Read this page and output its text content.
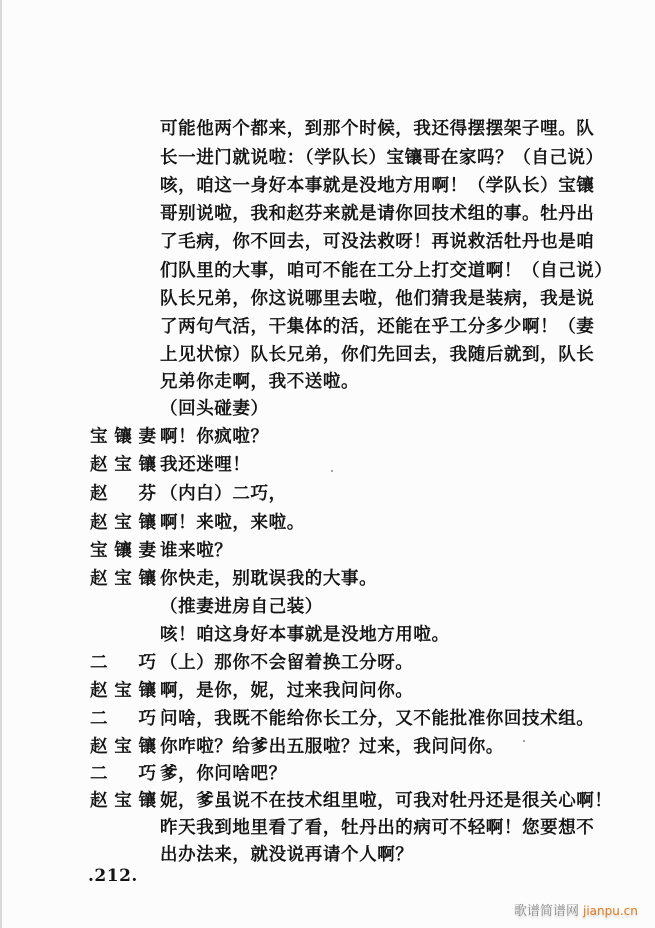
可能他两个都来，到那个时候，我还得摆摆架子哩。队
长一进门就说啦：（学队长）宝镶哥在家吗？（自己说）
咳，咱这一身好本事就是没地方用啊！（学队长）宝镶
哥别说啦，我和赵芬来就是请你回技术组的事。牡丹出
了毛病，你不回去，可没法救呀！再说救活牡丹也是咱
们队里的大事，咱可不能在工分上打交道啊！（自己说）
队长兄弟，你这说哪里去啦，他们猜我是装病，我是说
了两句气活，干集体的活，还能在乎工分多少啊！（妻
上见状惊）队长兄弟，你们先回去，我随后就到，队长
兄弟你走啊，我不送啦。
（回头碰妻）
宝镶妻 啊！你疯啦？
赵宝镶 我还迷哩！
赵　芬 （内白）二巧，
赵宝镶 啊！来啦，来啦。
宝镶妻 谁来啦？
赵宝镶 你快走，别耽误我的大事。
（推妻进房自己装）
咳！咱这身好本事就是没地方用啦。
二　巧 （上）那你不会留着换工分呀。
赵宝镶 啊，是你，妮，过来我问问你。
二　巧 问啥，我既不能给你长工分，又不能批准你回技术组。
赵宝镶 你咋啦？给爹出五服啦？过来，我问问你。
二　巧 爹，你问啥吧？
赵宝镶 妮，爹虽说不在技术组里啦，可我对牡丹还是很关心啊！
昨天我到地里看了看，牡丹出的病可不轻啊！您要想不
出办法来，就没说再请个人啊？
.212.
歌谱简谱网 jianpu.cn
